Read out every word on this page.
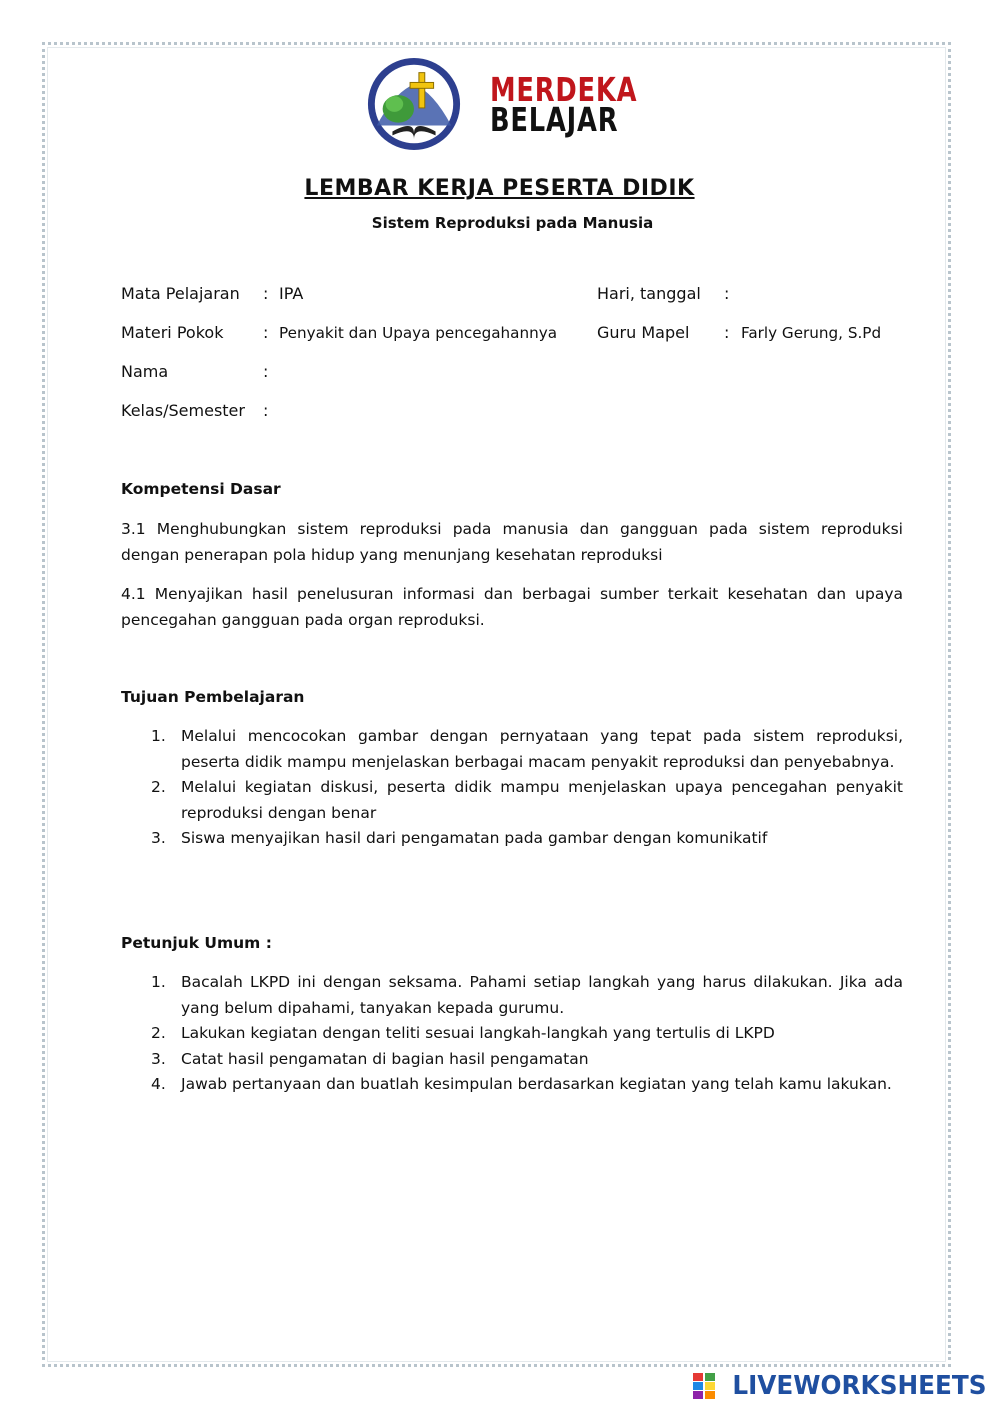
MERDEKA
BELAJAR
LEMBAR KERJA PESERTA DIDIK
Sistem Reproduksi pada Manusia
Mata Pelajaran : IPA	Hari, tanggal :
Materi Pokok : Penyakit dan Upaya pencegahannya	Guru Mapel : Farly Gerung, S.Pd
Nama	:
Kelas/Semester :
Kompetensi Dasar
3.1 Menghubungkan sistem reproduksi pada manusia dan gangguan pada sistem reproduksi dengan penerapan pola hidup yang menunjang kesehatan reproduksi
4.1 Menyajikan hasil penelusuran informasi dan berbagai sumber terkait kesehatan dan upaya pencegahan gangguan pada organ reproduksi.
Tujuan Pembelajaran
1. Melalui mencocokan gambar dengan pernyataan yang tepat pada sistem reproduksi, peserta didik mampu menjelaskan berbagai macam penyakit reproduksi dan penyebabnya.
2. Melalui kegiatan diskusi, peserta didik mampu menjelaskan upaya pencegahan penyakit reproduksi dengan benar
3. Siswa menyajikan hasil dari pengamatan pada gambar dengan komunikatif
Petunjuk Umum :
1. Bacalah LKPD ini dengan seksama. Pahami setiap langkah yang harus dilakukan. Jika ada yang belum dipahami, tanyakan kepada gurumu.
2. Lakukan kegiatan dengan teliti sesuai langkah-langkah yang tertulis di LKPD
3. Catat hasil pengamatan di bagian hasil pengamatan
4. Jawab pertanyaan dan buatlah kesimpulan berdasarkan kegiatan yang telah kamu lakukan.
LIVEWORKSHEETS
